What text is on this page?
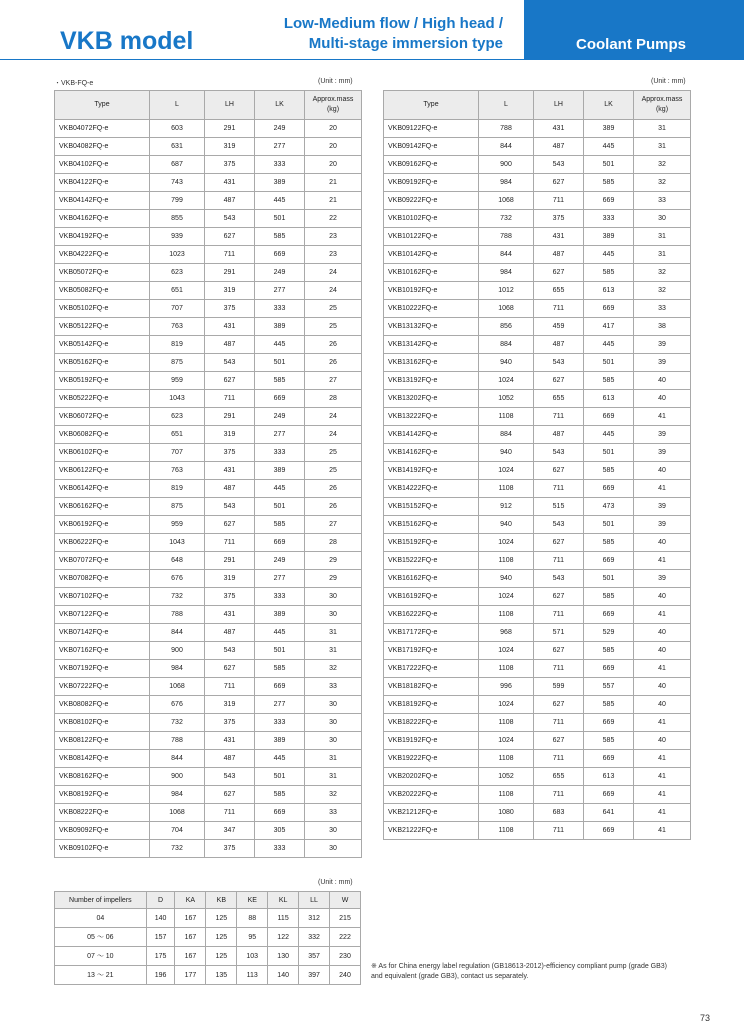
VKB model
Low-Medium flow / High head /
Multi-stage immersion type	Coolant Pumps
・VKB-FQ-e	(Unit : mm)	(Unit : mm)
Type	L	LH	LK	Approx.mass
(kg)
VKB04072FQ-e	603	291	249	20
VKB04082FQ-e	631	319	277	20
VKB04102FQ-e	687	375	333	20
VKB04122FQ-e	743	431	389	21
VKB04142FQ-e	799	487	445	21
VKB04162FQ-e	855	543	501	22
VKB04192FQ-e	939	627	585	23
VKB04222FQ-e	1023	711	669	23
VKB05072FQ-e	623	291	249	24
VKB05082FQ-e	651	319	277	24
VKB05102FQ-e	707	375	333	25
VKB05122FQ-e	763	431	389	25
VKB05142FQ-e	819	487	445	26
VKB05162FQ-e	875	543	501	26
VKB05192FQ-e	959	627	585	27
VKB05222FQ-e	1043	711	669	28
VKB06072FQ-e	623	291	249	24
VKB06082FQ-e	651	319	277	24
VKB06102FQ-e	707	375	333	25
VKB06122FQ-e	763	431	389	25
VKB06142FQ-e	819	487	445	26
VKB06162FQ-e	875	543	501	26
VKB06192FQ-e	959	627	585	27
VKB06222FQ-e	1043	711	669	28
VKB07072FQ-e	648	291	249	29
VKB07082FQ-e	676	319	277	29
VKB07102FQ-e	732	375	333	30
VKB07122FQ-e	788	431	389	30
VKB07142FQ-e	844	487	445	31
VKB07162FQ-e	900	543	501	31
VKB07192FQ-e	984	627	585	32
VKB07222FQ-e	1068	711	669	33
VKB08082FQ-e	676	319	277	30
VKB08102FQ-e	732	375	333	30
VKB08122FQ-e	788	431	389	30
VKB08142FQ-e	844	487	445	31
VKB08162FQ-e	900	543	501	31
VKB08192FQ-e	984	627	585	32
VKB08222FQ-e	1068	711	669	33
VKB09092FQ-e	704	347	305	30
VKB09102FQ-e	732	375	333	30
Type	L	LH	LK	Approx.mass
(kg)
VKB09122FQ-e	788	431	389	31
VKB09142FQ-e	844	487	445	31
VKB09162FQ-e	900	543	501	32
VKB09192FQ-e	984	627	585	32
VKB09222FQ-e	1068	711	669	33
VKB10102FQ-e	732	375	333	30
VKB10122FQ-e	788	431	389	31
VKB10142FQ-e	844	487	445	31
VKB10162FQ-e	984	627	585	32
VKB10192FQ-e	1012	655	613	32
VKB10222FQ-e	1068	711	669	33
VKB13132FQ-e	856	459	417	38
VKB13142FQ-e	884	487	445	39
VKB13162FQ-e	940	543	501	39
VKB13192FQ-e	1024	627	585	40
VKB13202FQ-e	1052	655	613	40
VKB13222FQ-e	1108	711	669	41
VKB14142FQ-e	884	487	445	39
VKB14162FQ-e	940	543	501	39
VKB14192FQ-e	1024	627	585	40
VKB14222FQ-e	1108	711	669	41
VKB15152FQ-e	912	515	473	39
VKB15162FQ-e	940	543	501	39
VKB15192FQ-e	1024	627	585	40
VKB15222FQ-e	1108	711	669	41
VKB16162FQ-e	940	543	501	39
VKB16192FQ-e	1024	627	585	40
VKB16222FQ-e	1108	711	669	41
VKB17172FQ-e	968	571	529	40
VKB17192FQ-e	1024	627	585	40
VKB17222FQ-e	1108	711	669	41
VKB18182FQ-e	996	599	557	40
VKB18192FQ-e	1024	627	585	40
VKB18222FQ-e	1108	711	669	41
VKB19192FQ-e	1024	627	585	40
VKB19222FQ-e	1108	711	669	41
VKB20202FQ-e	1052	655	613	41
VKB20222FQ-e	1108	711	669	41
VKB21212FQ-e	1080	683	641	41
VKB21222FQ-e	1108	711	669	41
(Unit : mm)
Number of impellers	D	KA	KB	KE	KL	LL	W
04	140	167	125	88	115	312	215
05 ～ 06	157	167	125	95	122	332	222
07 ～ 10	175	167	125	103	130	357	230
13 ～ 21	196	177	135	113	140	397	240
※ As for China energy label regulation (GB18613-2012)-efficiency compliant pump (grade GB3) and equivalent (grade GB3), contact us separately.
73
